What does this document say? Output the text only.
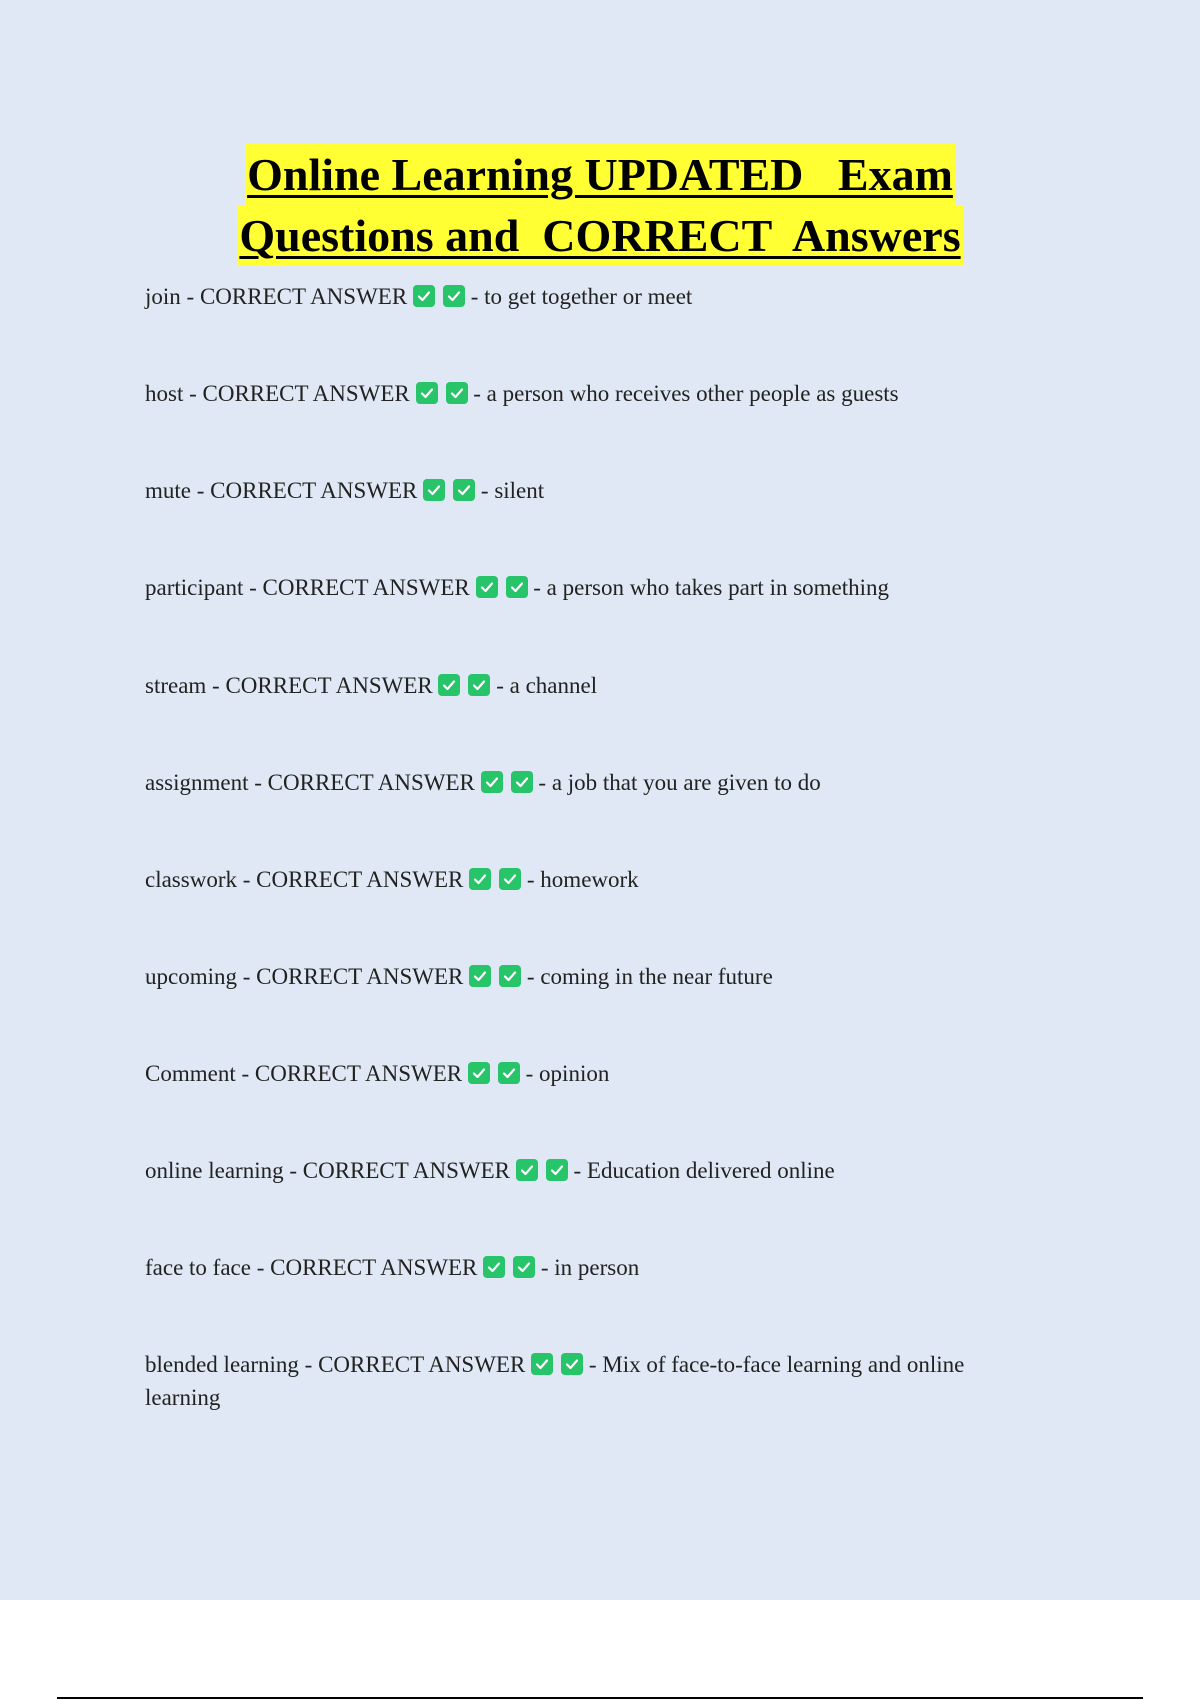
Online Learning UPDATED   Exam
Questions and  CORRECT  Answers
join - CORRECT ANSWER	- to get together or meet
host - CORRECT ANSWER	- a person who receives other people as guests
mute - CORRECT ANSWER	- silent
participant - CORRECT ANSWER	- a person who takes part in something
stream - CORRECT ANSWER	- a channel
assignment - CORRECT ANSWER	- a job that you are given to do
classwork - CORRECT ANSWER	- homework
upcoming - CORRECT ANSWER	- coming in the near future
Comment - CORRECT ANSWER	- opinion
online learning - CORRECT ANSWER	- Education delivered online
face to face - CORRECT ANSWER	- in person
blended learning - CORRECT ANSWER	- Mix of face-to-face learning and online learning
